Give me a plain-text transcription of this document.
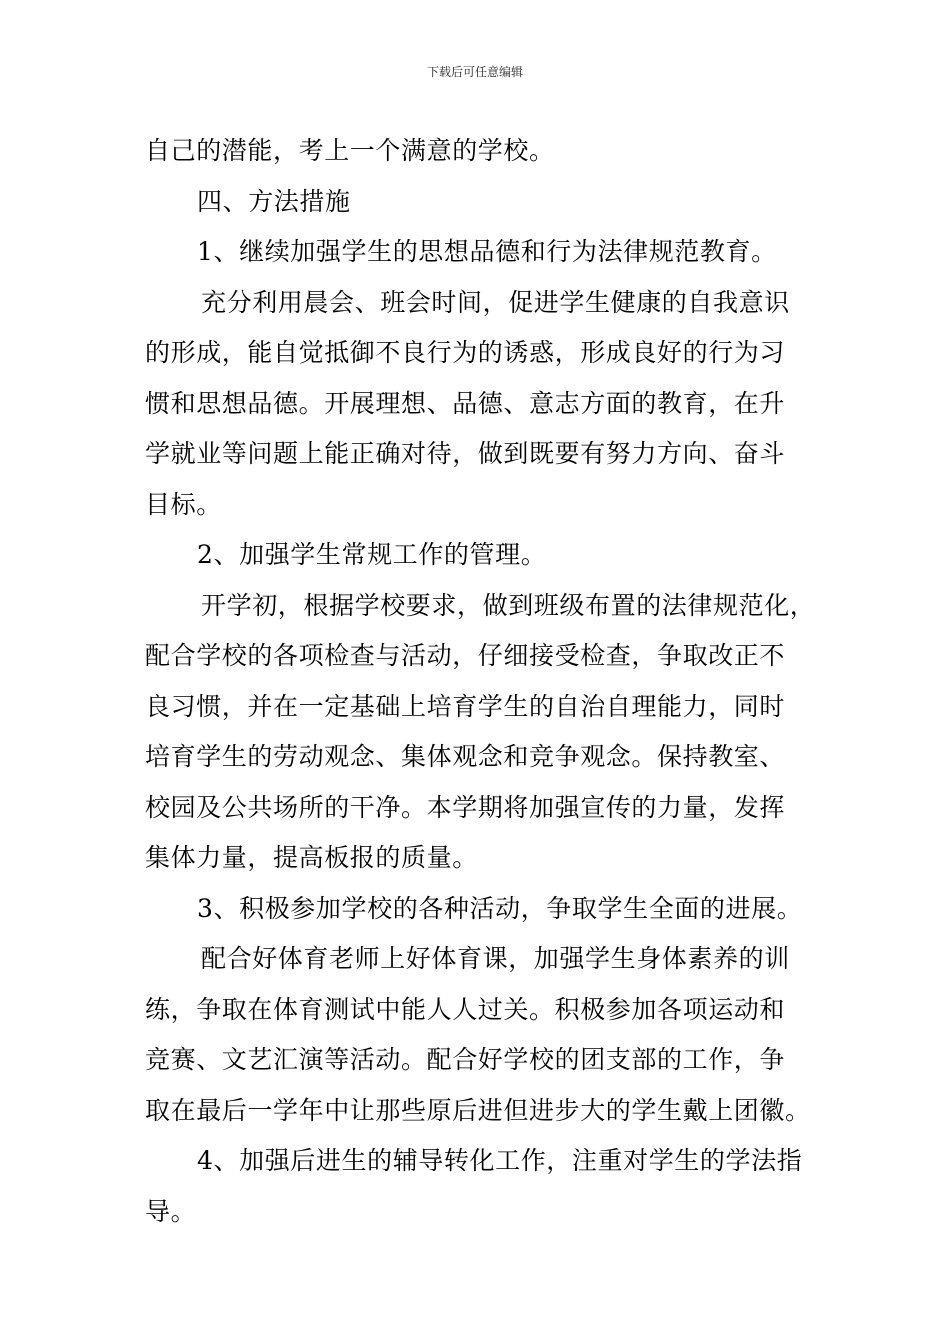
下载后可任意编辑
自己的潜能，考上一个满意的学校。
四、方法措施
1、继续加强学生的思想品德和行为法律规范教育。
充分利用晨会、班会时间，促进学生健康的自我意识
的形成，能自觉抵御不良行为的诱惑，形成良好的行为习
惯和思想品德。开展理想、品德、意志方面的教育，在升
学就业等问题上能正确对待，做到既要有努力方向、奋斗
目标。
2、加强学生常规工作的管理。
开学初，根据学校要求，做到班级布置的法律规范化，
配合学校的各项检查与活动，仔细接受检查，争取改正不
良习惯，并在一定基础上培育学生的自治自理能力，同时
培育学生的劳动观念、集体观念和竞争观念。保持教室、
校园及公共场所的干净。本学期将加强宣传的力量，发挥
集体力量，提高板报的质量。
3、积极参加学校的各种活动，争取学生全面的进展。
配合好体育老师上好体育课，加强学生身体素养的训
练，争取在体育测试中能人人过关。积极参加各项运动和
竞赛、文艺汇演等活动。配合好学校的团支部的工作，争
取在最后一学年中让那些原后进但进步大的学生戴上团徽。
4、加强后进生的辅导转化工作，注重对学生的学法指
导。
